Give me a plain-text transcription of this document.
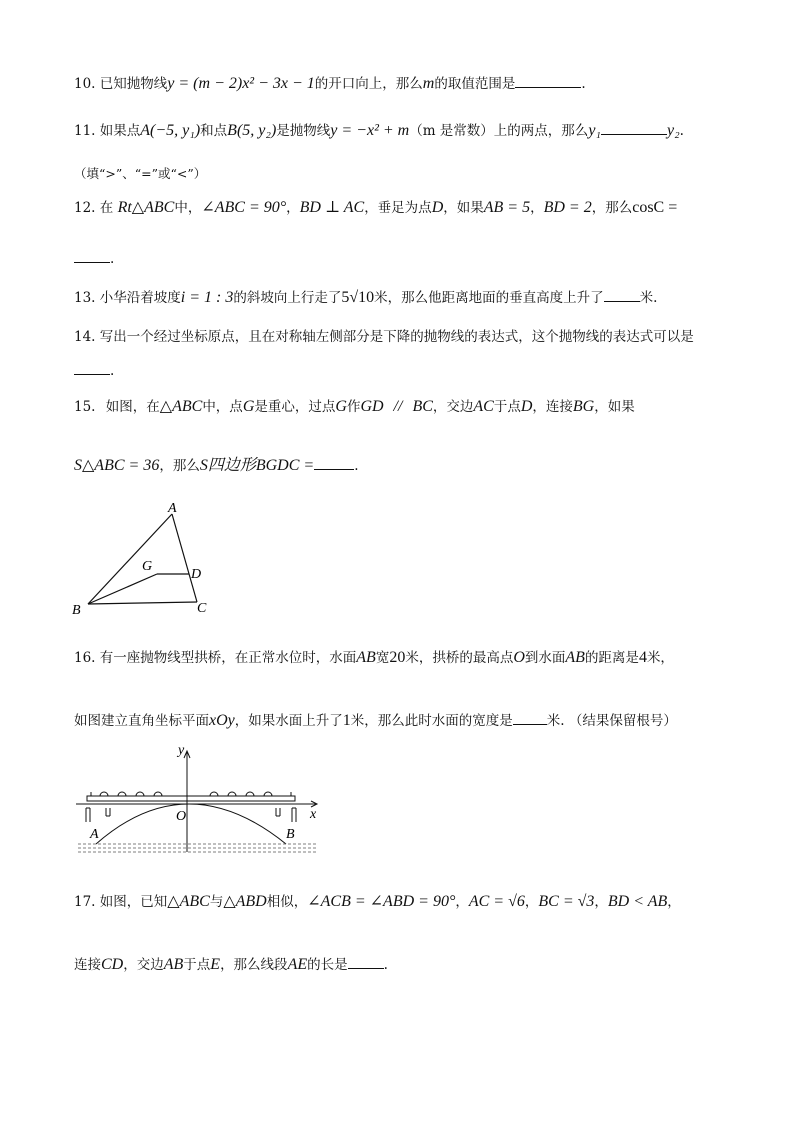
10. 已知抛物线y = (m − 2)x² − 3x − 1的开口向上，那么m的取值范围是	.
11. 如果点A(−5, y₁)和点B(5, y₂)是抛物线y = −x² + m（m 是常数）上的两点，那么y₁	y₂.
（填“>”、“=”或“<”）
12. 在 Rt△ABC中，∠ABC = 90°，BD ⊥ AC，垂足为点D，如果AB = 5，BD = 2，那么cosC =
.
13. 小华沿着坡度i = 1 : 3的斜坡向上行走了5√10米，那么他距离地面的垂直高度上升了	米.
14. 写出一个经过坐标原点，且在对称轴左侧部分是下降的抛物线的表达式，这个抛物线的表达式可以是
.
15. 如图，在△ABC中，点G是重心，过点G作GD // BC，交边AC于点D，连接BG，如果
S△ABC = 36，那么S四边形BGDC =	.
A
B	C
G
D
16. 有一座抛物线型拱桥，在正常水位时，水面AB宽20米，拱桥的最高点O到水面AB的距离是4米，
如图建立直角坐标平面xOy，如果水面上升了1米，那么此时水面的宽度是	米. （结果保留根号）
y
x
O
A	B
17. 如图，已知△ABC与△ABD相似，∠ACB = ∠ABD = 90°，AC = √6，BC = √3，BD < AB，
连接CD，交边AB于点E，那么线段AE的长是	.
